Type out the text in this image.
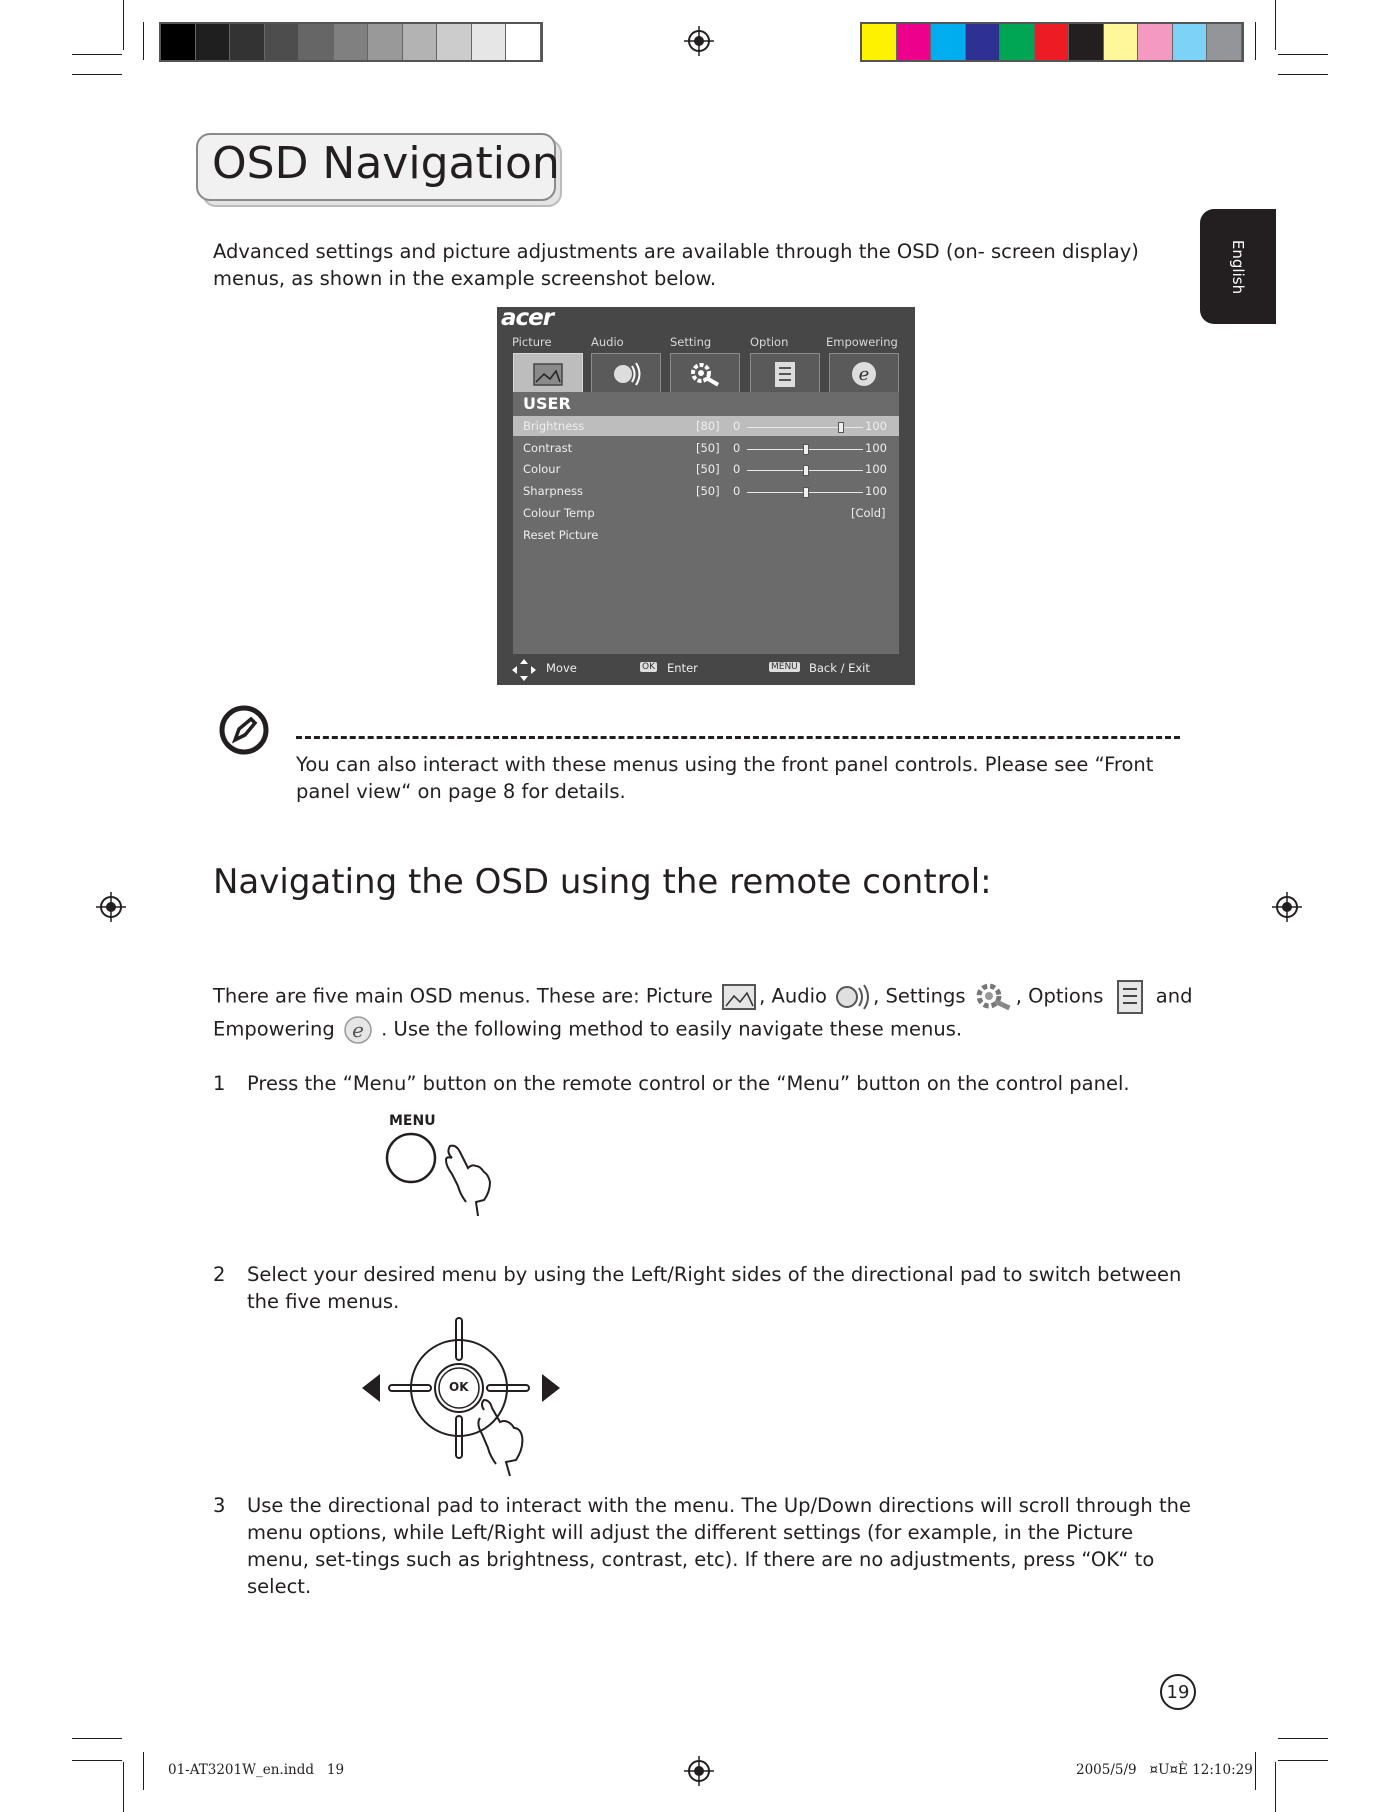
OSD Navigation
English
Advanced settings and picture adjustments are available through the OSD (on- screen display) menus, as shown in the example screenshot below.
acer
Picture	Audio	Setting	Option	Empowering
e
USER
Brightness	[80] 0	100
Contrast	[50] 0	100
Colour	[50] 0	100
Sharpness	[50] 0	100
Colour Temp	[Cold]
Reset Picture
Move	OK Enter	MENU Back / Exit
You can also interact with these menus using the front panel controls. Please see “Front panel view“ on page 8 for details.
Navigating the OSD using the remote control:
There are five main OSD menus. These are: Picture , Audio , Settings	, Options	and
Empowering e . Use the following method to easily navigate these menus.
1 Press the “Menu” button on the remote control or the “Menu” button on the control panel.
MENU
2 Select your desired menu by using the Left/Right sides of the directional pad to switch between the five menus.
OK
3 Use the directional pad to interact with the menu. The Up/Down directions will scroll through the menu options, while Left/Right will adjust the different settings (for example, in the Picture menu, set-tings such as brightness, contrast, etc). If there are no adjustments, press “OK“ to select.
19
01-AT3201W_en.indd   19	2005/5/9   ¤U¤È 12:10:29
